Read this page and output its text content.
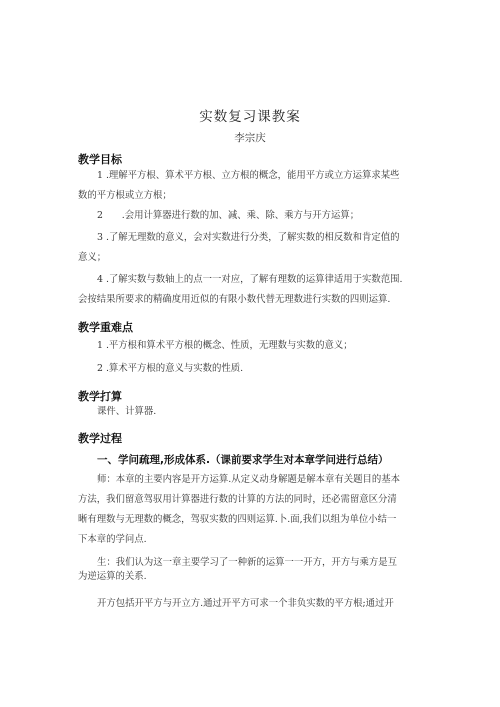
实数复习课教案
李宗庆
教学目标

1 .理解平方根、算术平方根、立方根的概念，能用平方或立方运算求某些
数的平方根或立方根；

2　　.会用计算器进行数的加、减、乘、除、乘方与开方运算；

3 .了解无理数的意义，会对实数进行分类，了解实数的相反数和肯定值的
意义；

4 .了解实数与数轴上的点一一对应，了解有理数的运算律适用于实数范围.
会按结果所要求的精确度用近似的有限小数代替无理数进行实数的四则运算.

教学重难点

1 .平方根和算术平方根的概念、性质，无理数与实数的意义；

2 .算术平方根的意义与实数的性质.

教学打算

课件、计算器.

教学过程
一、学问疏理,形成体系.（课前要求学生对本章学问进行总结）

师：本章的主要内容是开方运算.从定义动身解题是解本章有关题目的基本
方法，我们留意驾驭用计算器进行数的计算的方法的同时，还必需留意区分清
晰有理数与无理数的概念，驾驭实数的四则运算.卜.面,我们以组为单位小结一
下本章的学问点.

生：我们认为这一章主要学习了一种新的运算一一开方，开方与乘方是互
为逆运算的关系.

开方包括开平方与开立方.通过开平方可求一个非负实数的平方根;通过开
